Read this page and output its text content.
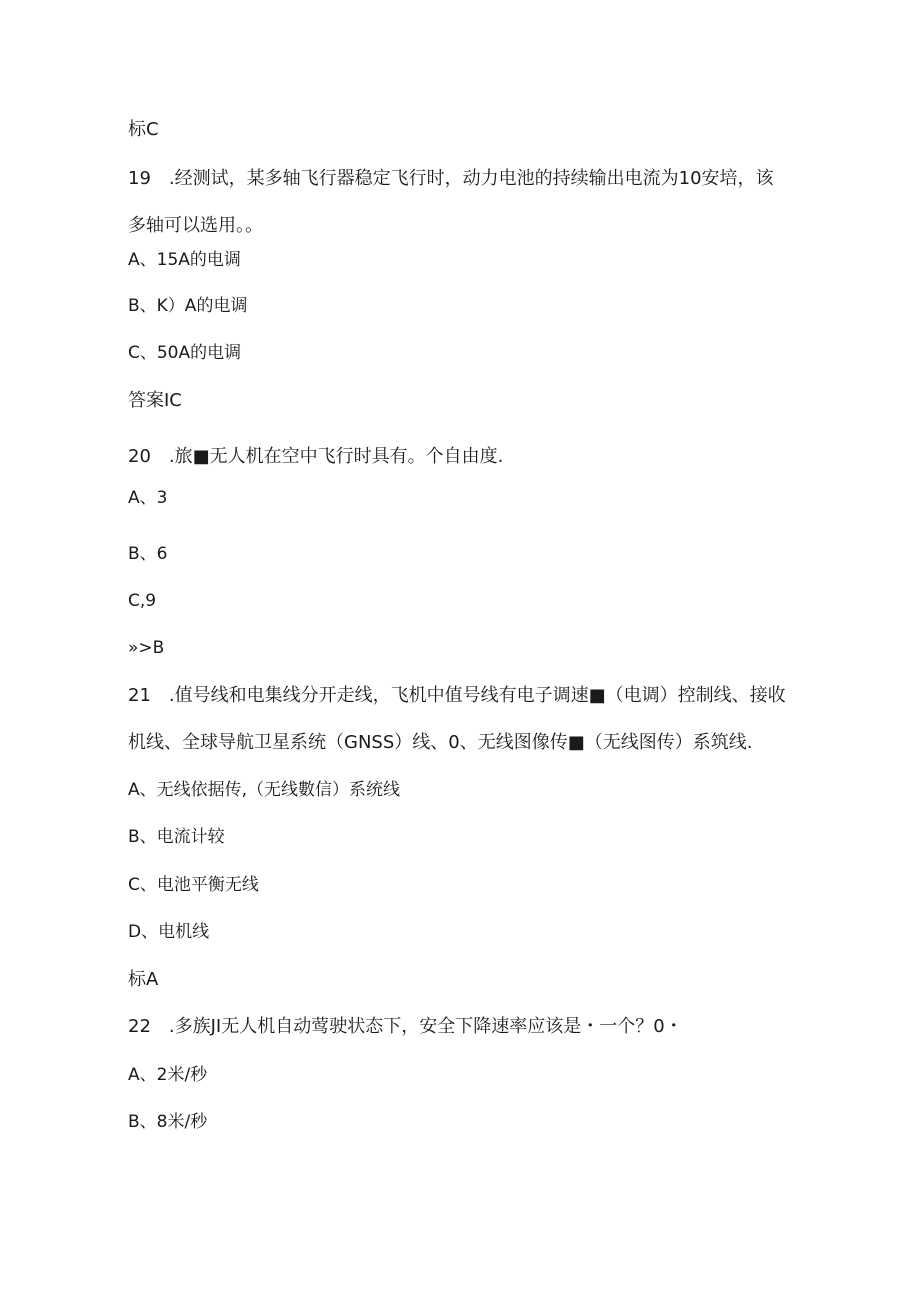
标C
19　.经测试，某多轴飞行器稳定飞行时，动力电池的持续输出电流为10安培，该
多轴可以选用。。
A、15A的电调
B、K）A的电调
C、50A的电调
答案IC
20　.旅■无人机在空中飞行时具有。个自由度.
A、3
B、6
C,9
»>B
21　.值号线和电集线分开走线，飞机中值号线有电子调速■（电调）控制线、接收
机线、全球导航卫星系统（GNSS）线、0、无线图像传■（无线图传）系筑线.
A、无线依据传,（无线數信）系统线
B、电流计较
C、电池平衡无线
D、电机线
标A
22　.多族JI无人机自动莺驶状态下，安全下降速率应该是・一个？0・
A、2米/秒
B、8米/秒
